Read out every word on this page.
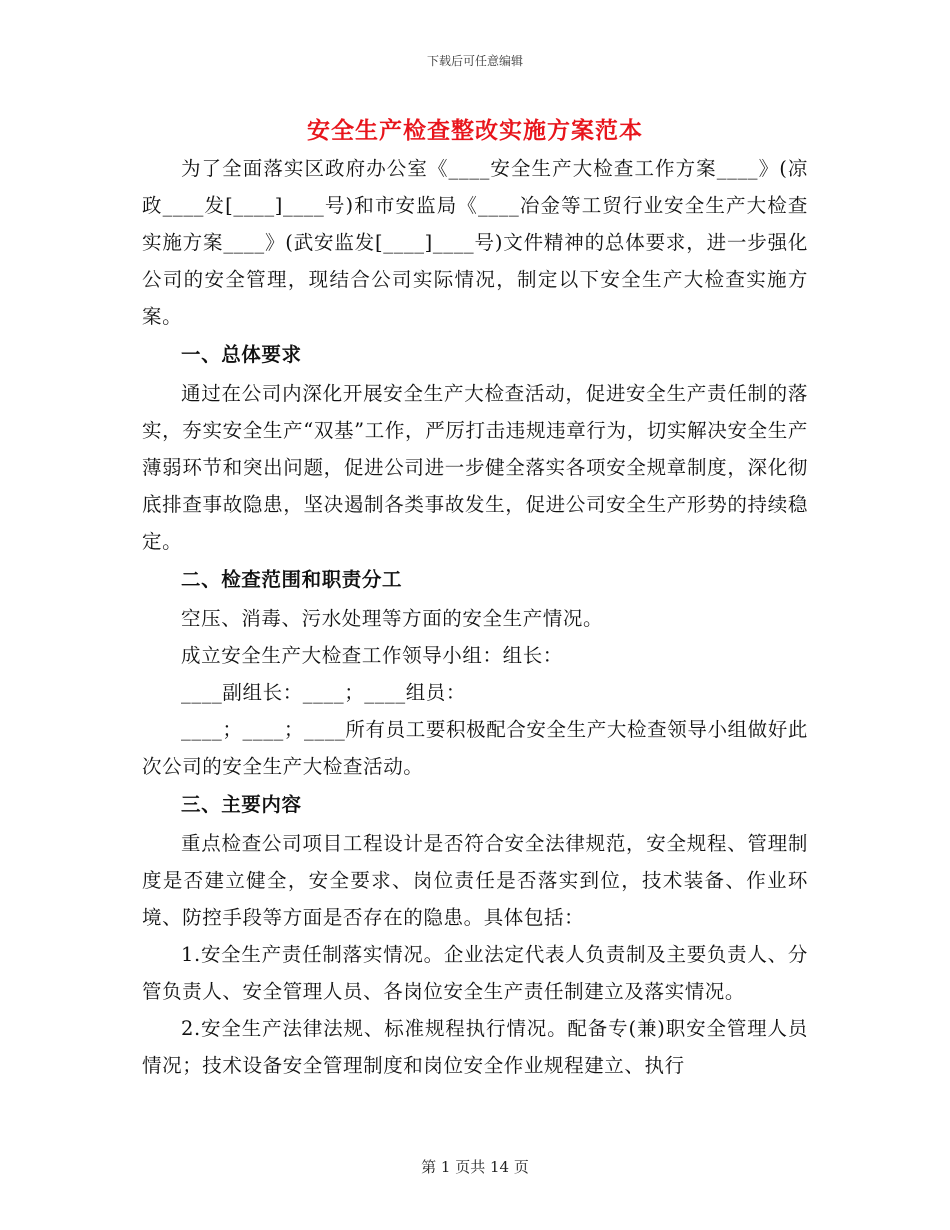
下载后可任意编辑
安全生产检查整改实施方案范本

为了全面落实区政府办公室《____安全生产大检查工作方案____》(凉政____发[____]____号)和市安监局《____冶金等工贸行业安全生产大检查实施方案____》(武安监发[____]____号)文件精神的总体要求，进一步强化公司的安全管理，现结合公司实际情况，制定以下安全生产大检查实施方案。

一、总体要求

通过在公司内深化开展安全生产大检查活动，促进安全生产责任制的落实，夯实安全生产“双基”工作，严厉打击违规违章行为，切实解决安全生产薄弱环节和突出问题，促进公司进一步健全落实各项安全规章制度，深化彻底排查事故隐患，坚决遏制各类事故发生，促进公司安全生产形势的持续稳定。

二、检查范围和职责分工

空压、消毒、污水处理等方面的安全生产情况。

成立安全生产大检查工作领导小组：组长：

____副组长：____；____组员：

____；____；____所有员工要积极配合安全生产大检查领导小组做好此次公司的安全生产大检查活动。

三、主要内容

重点检查公司项目工程设计是否符合安全法律规范，安全规程、管理制度是否建立健全，安全要求、岗位责任是否落实到位，技术装备、作业环境、防控手段等方面是否存在的隐患。具体包括：

1.安全生产责任制落实情况。企业法定代表人负责制及主要负责人、分管负责人、安全管理人员、各岗位安全生产责任制建立及落实情况。

2.安全生产法律法规、标准规程执行情况。配备专(兼)职安全管理人员情况；技术设备安全管理制度和岗位安全作业规程建立、执行

第 1 页共 14 页
